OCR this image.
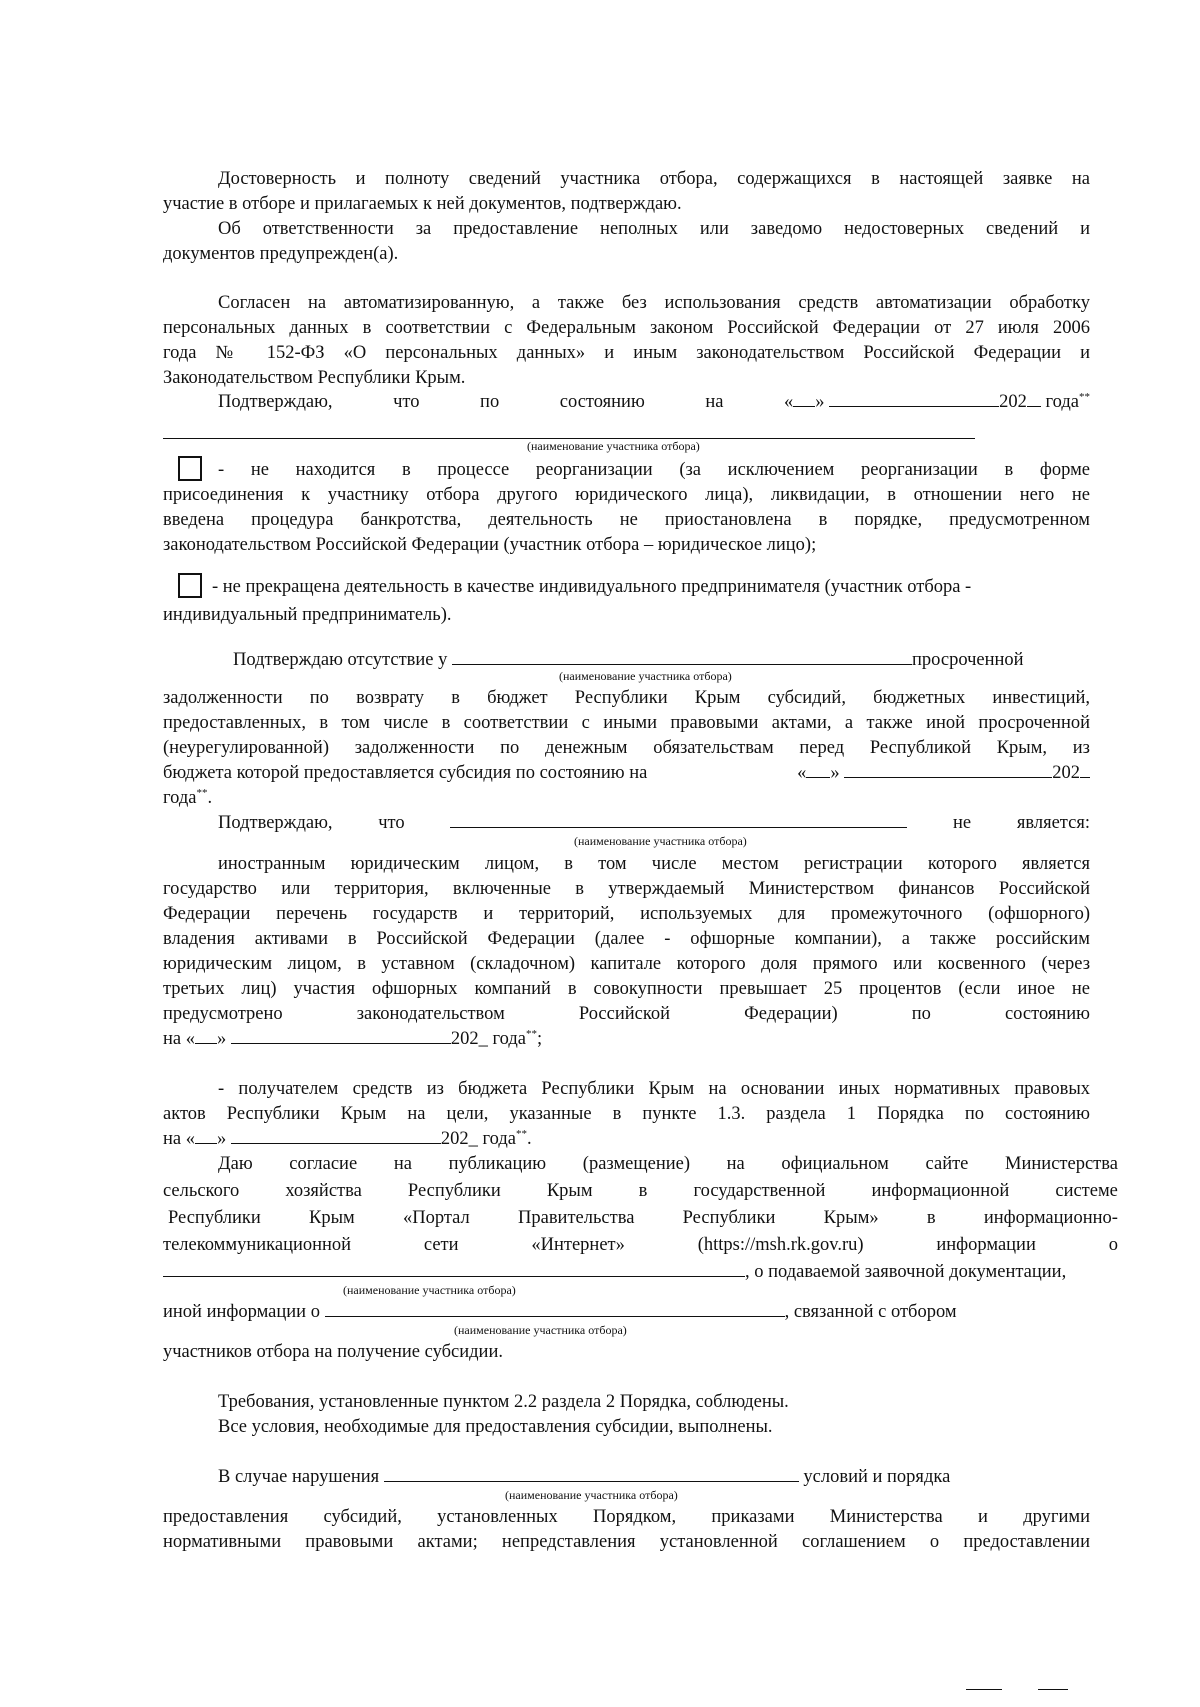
Достоверность и полноту сведений участника отбора, содержащихся в настоящей заявке на
участие в отборе и прилагаемых к ней документов, подтверждаю.
Об ответственности за предоставление неполных или заведомо недостоверных сведений и
документов предупрежден(а).
Согласен на автоматизированную, а также без использования средств автоматизации обработку
персональных данных в соответствии с Федеральным законом Российской Федерации от 27 июля 2006
года № 152-ФЗ «О персональных данных» и иным законодательством Российской Федерации и
Законодательством Республики Крым.
Подтверждаю,	что	по	состоянию	на	« »	202 года**
(наименование участника отбора)
- не находится в процессе реорганизации (за исключением реорганизации в форме
присоединения к участнику отбора другого юридического лица), ликвидации, в отношении него не
введена процедура банкротства, деятельность не приостановлена в порядке, предусмотренном
законодательством Российской Федерации (участник отбора – юридическое лицо);
- не прекращена деятельность в качестве индивидуального предпринимателя (участник отбора -
индивидуальный предприниматель).
Подтверждаю отсутствие у	просроченной
(наименование участника отбора)
задолженности по возврату в бюджет Республики Крым субсидий, бюджетных инвестиций,
предоставленных, в том числе в соответствии с иными правовыми актами, а также иной просроченной
(неурегулированной) задолженности по денежным обязательствам перед Республикой Крым, из
бюджета которой предоставляется субсидия по состоянию на	« »	202
года**.
Подтверждаю, что	не является:
(наименование участника отбора)
иностранным юридическим лицом, в том числе местом регистрации которого является
государство или территория, включенные в утверждаемый Министерством финансов Российской
Федерации перечень государств и территорий, используемых для промежуточного (офшорного)
владения активами в Российской Федерации (далее - офшорные компании), а также российским
юридическим лицом, в уставном (складочном) капитале которого доля прямого или косвенного (через
третьих лиц) участия офшорных компаний в совокупности превышает 25 процентов (если иное не
предусмотрено	законодательством	Российской	Федерации)	по	состоянию
на « »	202_ года**;
- получателем средств из бюджета Республики Крым на основании иных нормативных правовых
актов Республики Крым на цели, указанные в пункте 1.3. раздела 1 Порядка по состоянию
на « »	202_ года**.
Даю согласие на публикацию (размещение) на официальном сайте Министерства
сельского хозяйства Республики Крым в государственной информационной системе
Республики	Крым	«Портал	Правительства	Республики	Крым»	в	информационно-
телекоммуникационной	сети	«Интернет»	(https://msh.rk.gov.ru)	информации	о
, о подаваемой заявочной документации,
(наименование участника отбора)
иной информации о	, связанной с отбором
(наименование участника отбора)
участников отбора на получение субсидии.
Требования, установленные пунктом 2.2 раздела 2 Порядка, соблюдены.
Все условия, необходимые для предоставления субсидии, выполнены.
В случае нарушения	условий и порядка
(наименование участника отбора)
предоставления субсидий, установленных Порядком, приказами Министерства и другими
нормативными правовыми актами; непредставления установленной соглашением о предоставлении
